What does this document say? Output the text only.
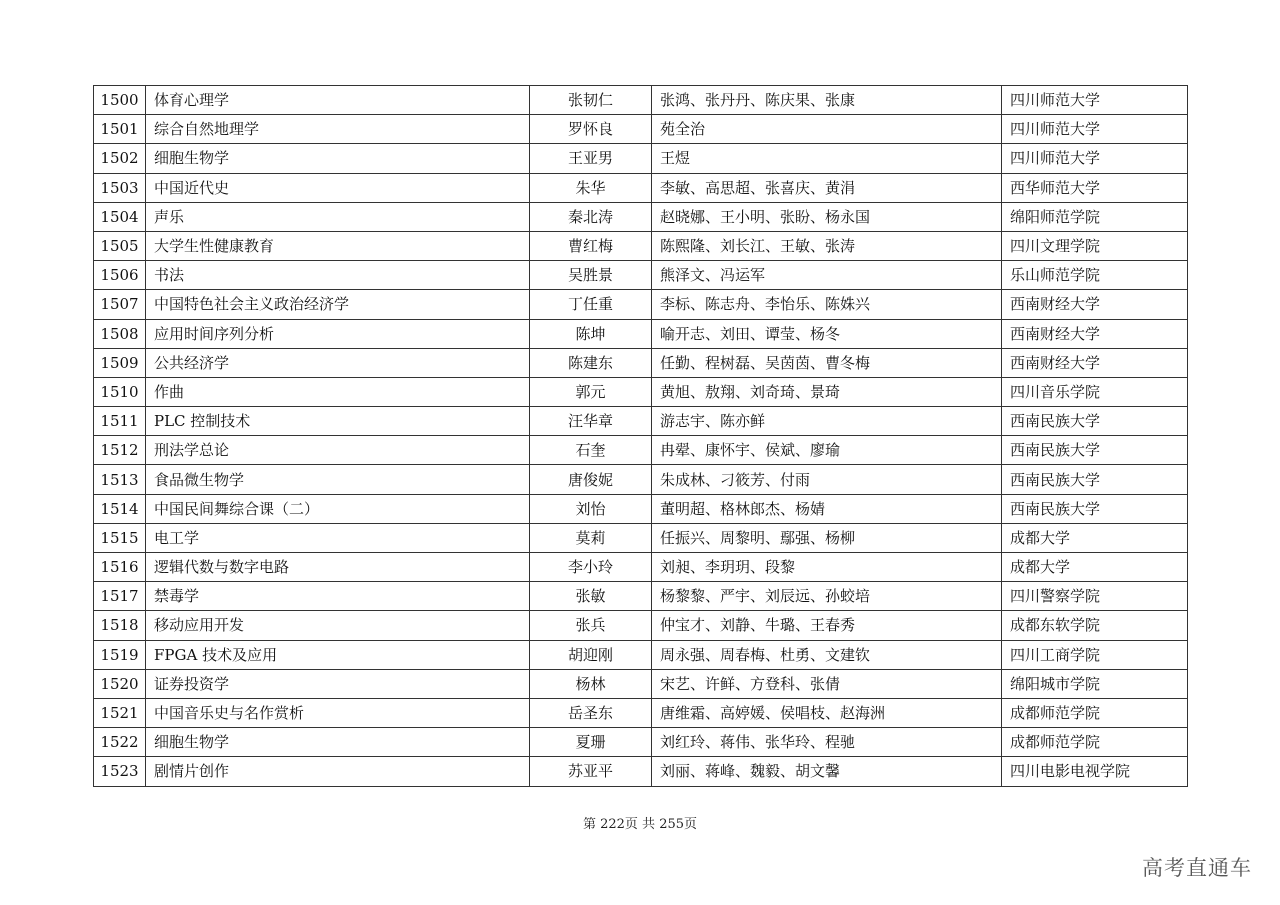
1500	体育心理学	张韧仁	张鸿、张丹丹、陈庆果、张康	四川师范大学
1501	综合自然地理学	罗怀良	苑全治	四川师范大学
1502	细胞生物学	王亚男	王煜	四川师范大学
1503	中国近代史	朱华	李敏、高思超、张喜庆、黄涓	西华师范大学
1504	声乐	秦北涛	赵晓娜、王小明、张盼、杨永国	绵阳师范学院
1505	大学生性健康教育	曹红梅	陈熙隆、刘长江、王敏、张涛	四川文理学院
1506	书法	吴胜景	熊泽文、冯运军	乐山师范学院
1507	中国特色社会主义政治经济学	丁任重	李标、陈志舟、李怡乐、陈姝兴	西南财经大学
1508	应用时间序列分析	陈坤	喻开志、刘田、谭莹、杨冬	西南财经大学
1509	公共经济学	陈建东	任勤、程树磊、吴茵茵、曹冬梅	西南财经大学
1510	作曲	郭元	黄旭、敖翔、刘奇琦、景琦	四川音乐学院
1511	PLC 控制技术	汪华章	游志宇、陈亦鲜	西南民族大学
1512	刑法学总论	石奎	冉翚、康怀宇、侯斌、廖瑜	西南民族大学
1513	食品微生物学	唐俊妮	朱成林、刁筱芳、付雨	西南民族大学
1514	中国民间舞综合课（二）	刘怡	董明超、格林郎杰、杨婧	西南民族大学
1515	电工学	莫莉	任振兴、周黎明、鄢强、杨柳	成都大学
1516	逻辑代数与数字电路	李小玲	刘昶、李玥玥、段黎	成都大学
1517	禁毒学	张敏	杨黎黎、严宇、刘辰远、孙蛟培	四川警察学院
1518	移动应用开发	张兵	仲宝才、刘静、牛璐、王春秀	成都东软学院
1519	FPGA 技术及应用	胡迎刚	周永强、周春梅、杜勇、文建钦	四川工商学院
1520	证券投资学	杨林	宋艺、许鲜、方登科、张倩	绵阳城市学院
1521	中国音乐史与名作赏析	岳圣东	唐维霜、高婷媛、侯唱枝、赵海洲	成都师范学院
1522	细胞生物学	夏珊	刘红玲、蒋伟、张华玲、程驰	成都师范学院
1523	剧情片创作	苏亚平	刘丽、蒋峰、魏毅、胡文馨	四川电影电视学院
第 222页 共 255页
高考直通车
